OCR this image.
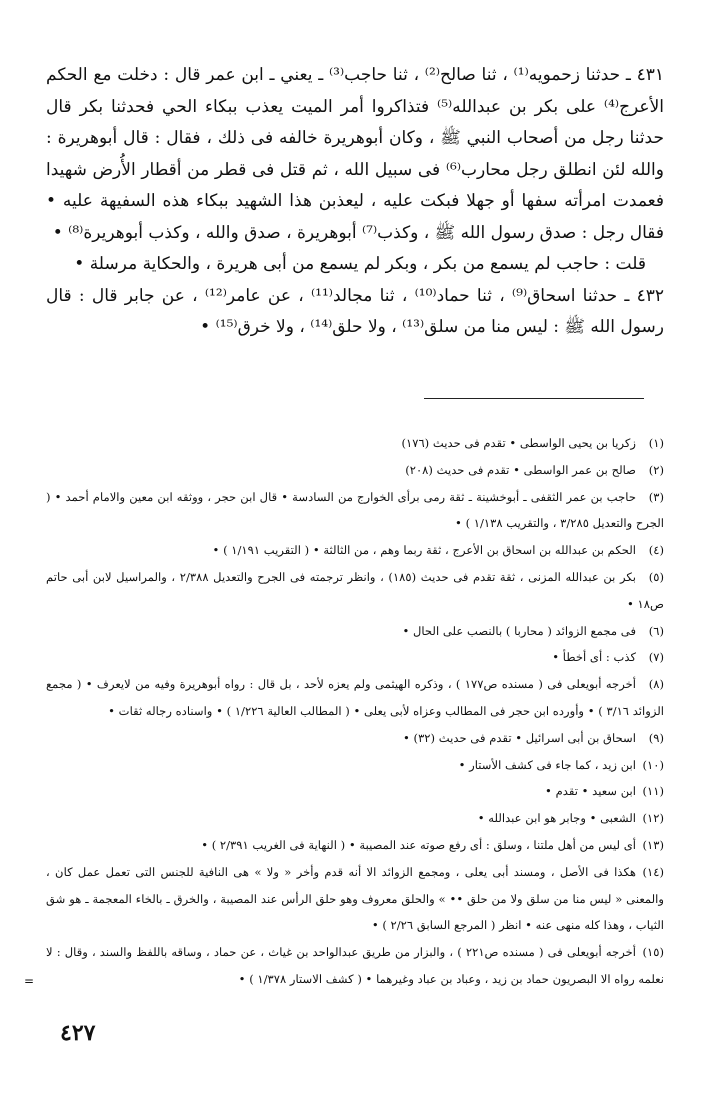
٤٣١ ـ حدثنا زحمويه⁽¹⁾ ، ثنا صالح⁽²⁾ ، ثنا حاجب⁽³⁾ ـ يعني ـ ابن عمر قال : دخلت مع الحكم الأعرج⁽⁴⁾ على بكر بن عبدالله⁽⁵⁾ فتذاكروا أمر الميت يعذب ببكاء الحي فحدثنا بكر قال حدثنا رجل من أصحاب النبي ﷺ ، وكان أبوهريرة خالفه فى ذلك ، فقال : قال أبوهريرة : والله لئن انطلق رجل محارب⁽⁶⁾ فى سبيل الله ، ثم قتل فى قطر من أقطار الأُرض شهيدا فعمدت امرأته سفها أو جهلا فبكت عليه ، ليعذبن هذا الشهيد ببكاء هذه السفيهة عليه • فقال رجل : صدق رسول الله ﷺ ، وكذب⁽⁷⁾ أبوهريرة ، صدق والله ، وكذب أبوهريرة⁽⁸⁾ •

قلت : حاجب لم يسمع من بكر ، وبكر لم يسمع من أبى هريرة ، والحكاية مرسلة •

٤٣٢ ـ حدثنا اسحاق⁽⁹⁾ ، ثنا حماد⁽¹⁰⁾ ، ثنا مجالد⁽¹¹⁾ ، عن عامر⁽¹²⁾ ، عن جابر قال : قال رسول الله ﷺ : ليس منا من سلق⁽¹³⁾ ، ولا حلق⁽¹⁴⁾ ، ولا خرق⁽¹⁵⁾ •

(١)زكريا بن يحيى الواسطى • تقدم فى حديث (١٧٦)

(٢)صالح بن عمر الواسطى • تقدم فى حديث (٢٠٨)

(٣)حاجب بن عمر الثقفى ـ أبوخشينة ـ ثقة رمى برأى الخوارج من السادسة • قال ابن حجر ، ووثقه ابن معين والامام أحمد • ( الجرح والتعديل ٣/٢٨٥ ، والتقريب ١/١٣٨ ) •

(٤)الحكم بن عبدالله بن اسحاق بن الأعرج ، ثقة ربما وهم ، من الثالثة • ( التقريب ١/١٩١ ) •

(٥)بكر بن عبدالله المزنى ، ثقة تقدم فى حديث (١٨٥) ، وانظر ترجمته فى الجرح والتعديل ٢/٣٨٨ ، والمراسيل لابن أبى حاتم ص١٨ •

(٦)فى مجمع الزوائد ( محاربا ) بالنصب على الحال •

(٧)كذب : أى أخطأ •

(٨)أخرجه أبويعلى فى ( مسنده ص١٧٧ ) ، وذكره الهيثمى ولم يعزه لأحد ، بل قال : رواه أبوهريرة وفيه من لايعرف • ( مجمع الزوائد ٣/١٦ ) • وأورده ابن حجر فى المطالب وعزاه لأبى يعلى • ( المطالب العالية ١/٢٢٦ ) • واسناده رجاله ثقات •

(٩)اسحاق بن أبى اسرائيل • تقدم فى حديث (٣٢) •

(١٠)ابن زيد ، كما جاء فى كشف الأستار •

(١١)ابن سعيد • تقدم •

(١٢)الشعبى • وجابر هو ابن عبدالله •

(١٣)أى ليس من أهل ملتنا ، وسلق : أى رفع صوته عند المصيبة • ( النهاية فى الغريب ٢/٣٩١ ) •

(١٤)هكذا فى الأصل ، ومسند أبى يعلى ، ومجمع الزوائد الا أنه قدم وأخر « ولا » هى النافية للجنس التى تعمل عمل كان ، والمعنى « ليس منا من سلق ولا من حلق •• » والحلق معروف وهو حلق الرأس عند المصيبة ، والخرق ـ بالخاء المعجمة ـ هو شق الثياب ، وهذا كله منهى عنه • انظر ( المرجع السابق ٢/٢٦ ) •

(١٥)أخرجه أبويعلى فى ( مسنده ص٢٢١ ) ، والبزار من طريق عبدالواحد بن غياث ، عن حماد ، وساقه باللفظ والسند ، وقال : لا نعلمه رواه الا البصريون حماد بن زيد ، وعباد بن عباد وغيرهما • ( كشف الاستار ١/٣٧٨ ) •

=
٤٢٧
